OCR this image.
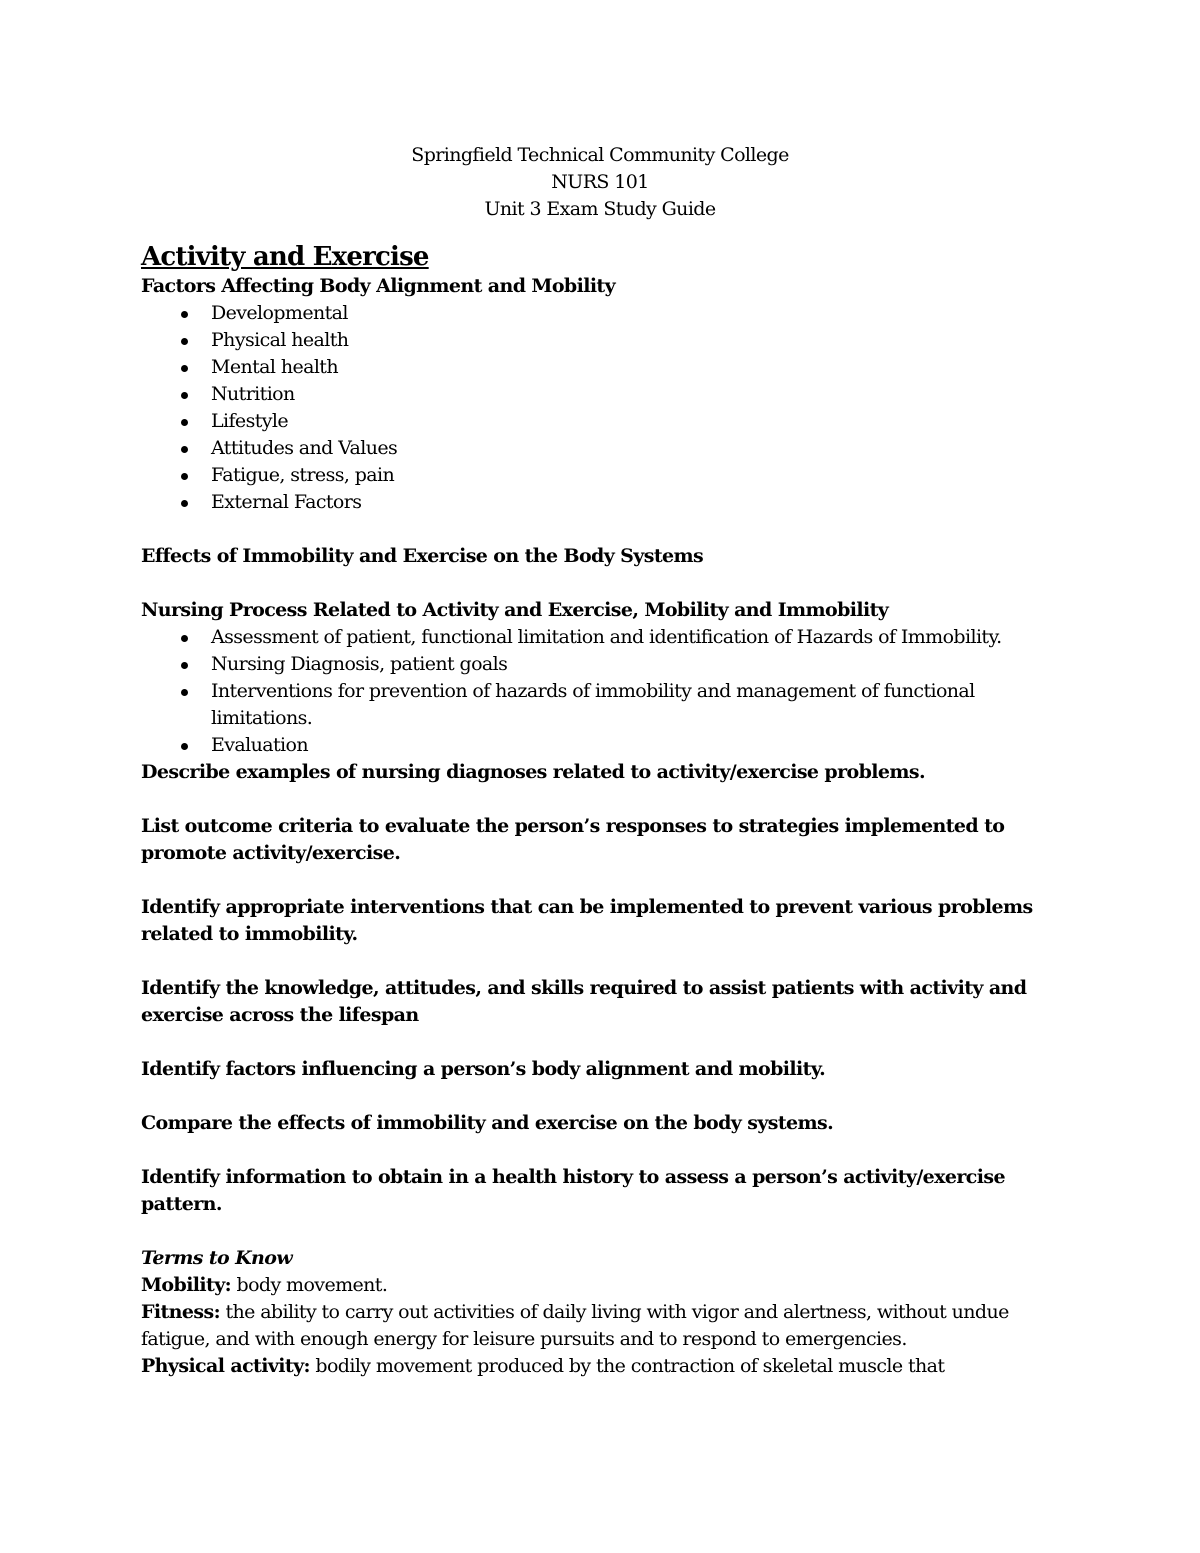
Springfield Technical Community College
NURS 101
Unit 3 Exam Study Guide
Activity and Exercise
Factors Affecting Body Alignment and Mobility
Developmental
Physical health
Mental health
Nutrition
Lifestyle
Attitudes and Values
Fatigue, stress, pain
External Factors
Effects of Immobility and Exercise on the Body Systems
Nursing Process Related to Activity and Exercise, Mobility and Immobility
Assessment of patient, functional limitation and identification of Hazards of Immobility.
Nursing Diagnosis, patient goals
Interventions for prevention of hazards of immobility and management of functional limitations.
Evaluation
Describe examples of nursing diagnoses related to activity/exercise problems.
List outcome criteria to evaluate the person’s responses to strategies implemented to promote activity/exercise.
Identify appropriate interventions that can be implemented to prevent various problems related to immobility.
Identify the knowledge, attitudes, and skills required to assist patients with activity and exercise across the lifespan
Identify factors influencing a person’s body alignment and mobility.
Compare the effects of immobility and exercise on the body systems.
Identify information to obtain in a health history to assess a person’s activity/exercise pattern.
Terms to Know
Mobility: body movement.
Fitness: the ability to carry out activities of daily living with vigor and alertness, without undue fatigue, and with enough energy for leisure pursuits and to respond to emergencies.
Physical activity: bodily movement produced by the contraction of skeletal muscle that
